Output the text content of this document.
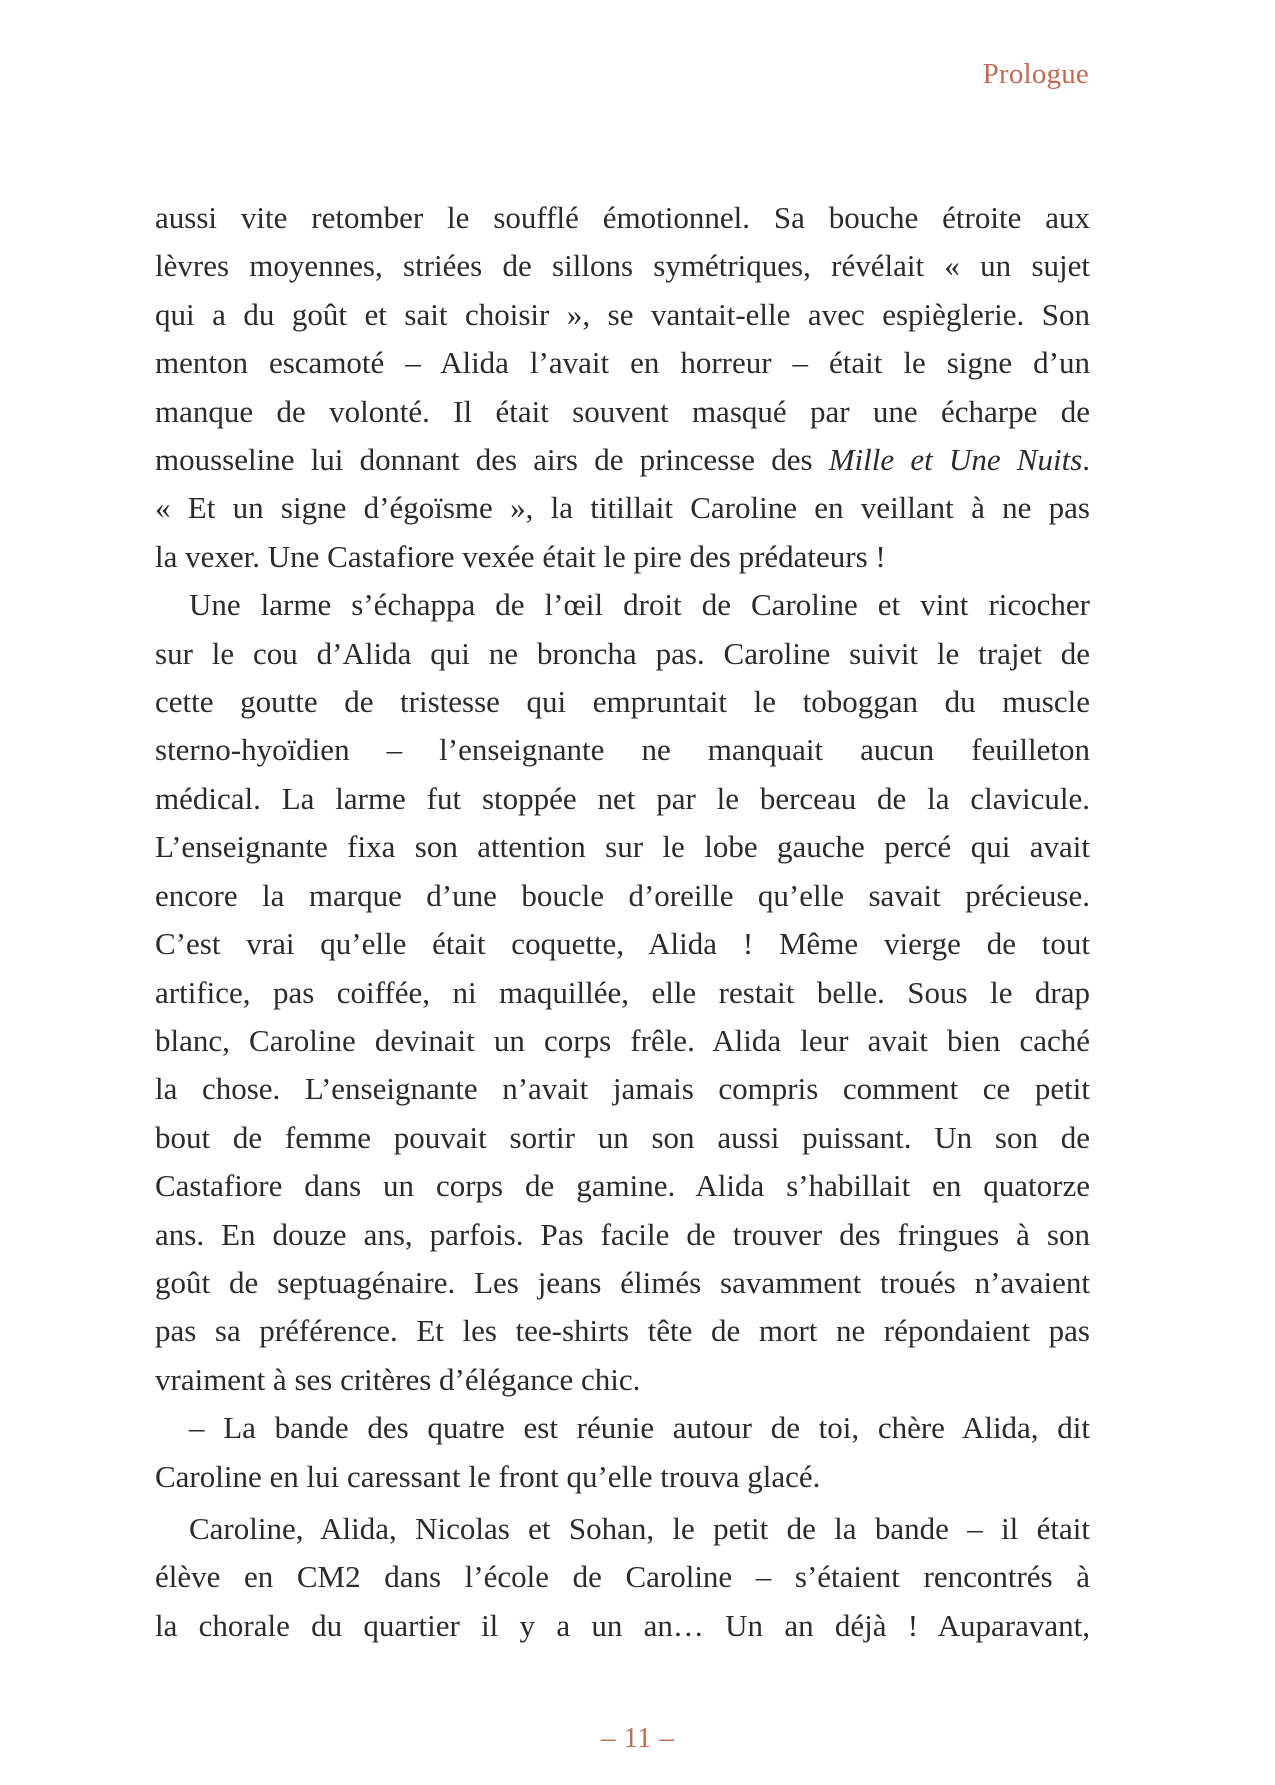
Prologue

aussi vite retomber le soufflé émotionnel. Sa bouche étroite aux
lèvres moyennes, striées de sillons symétriques, révélait « un sujet
qui a du goût et sait choisir », se vantait-elle avec espièglerie. Son
menton escamoté – Alida l’avait en horreur – était le signe d’un
manque de volonté. Il était souvent masqué par une écharpe de
mousseline lui donnant des airs de princesse des Mille et Une Nuits.
« Et un signe d’égoïsme », la titillait Caroline en veillant à ne pas
la vexer. Une Castafiore vexée était le pire des prédateurs !

Une larme s’échappa de l’œil droit de Caroline et vint ricocher
sur le cou d’Alida qui ne broncha pas. Caroline suivit le trajet de
cette goutte de tristesse qui empruntait le toboggan du muscle
sterno-hyoïdien – l’enseignante ne manquait aucun feuilleton
médical. La larme fut stoppée net par le berceau de la clavicule.
L’enseignante fixa son attention sur le lobe gauche percé qui avait
encore la marque d’une boucle d’oreille qu’elle savait précieuse.
C’est vrai qu’elle était coquette, Alida ! Même vierge de tout
artifice, pas coiffée, ni maquillée, elle restait belle. Sous le drap
blanc, Caroline devinait un corps frêle. Alida leur avait bien caché
la chose. L’enseignante n’avait jamais compris comment ce petit
bout de femme pouvait sortir un son aussi puissant. Un son de
Castafiore dans un corps de gamine. Alida s’habillait en quatorze
ans. En douze ans, parfois. Pas facile de trouver des fringues à son
goût de septuagénaire. Les jeans élimés savamment troués n’avaient
pas sa préférence. Et les tee-shirts tête de mort ne répondaient pas
vraiment à ses critères d’élégance chic.

– La bande des quatre est réunie autour de toi, chère Alida, dit
Caroline en lui caressant le front qu’elle trouva glacé.

Caroline, Alida, Nicolas et Sohan, le petit de la bande – il était
élève en CM2 dans l’école de Caroline – s’étaient rencontrés à
la chorale du quartier il y a un an… Un an déjà ! Auparavant,

– 11 –
